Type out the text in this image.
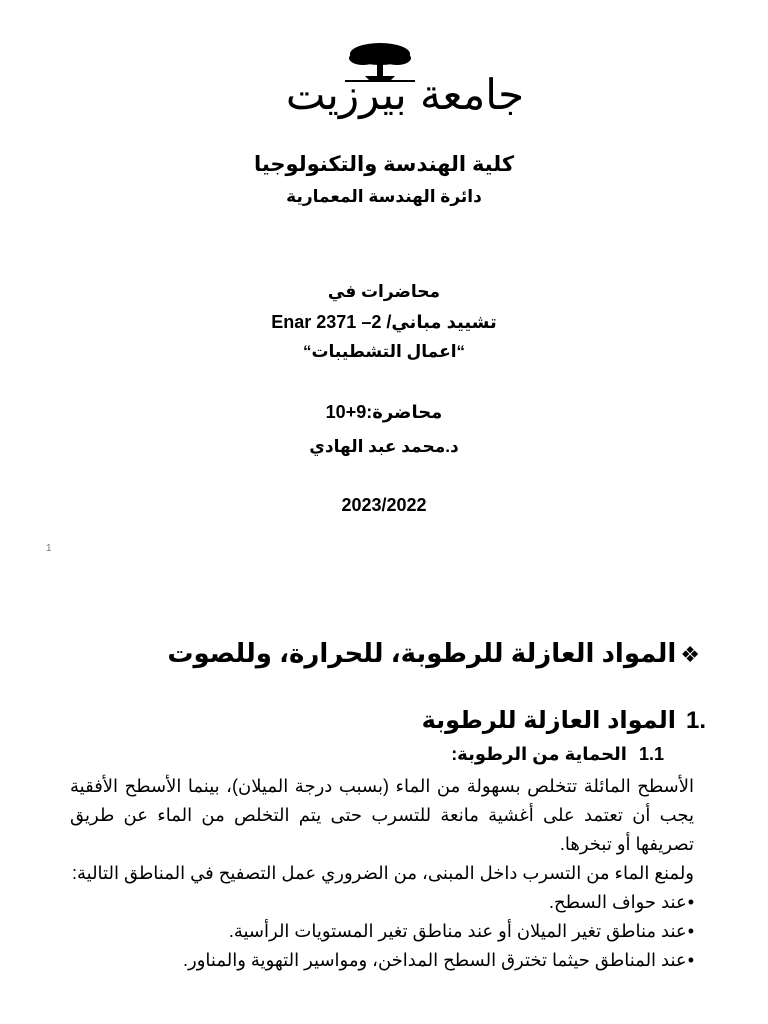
جامعة بيرزيت
كلية الهندسة والتكنولوجيا
دائرة الهندسة المعمارية
محاضرات في
تشييد مباني/ 2– Enar 2371
“اعمال التشطيبات“
محاضرة:9+10
د.محمد عبد الهادي
2023/2022
1
❖المواد العازلة للرطوبة، للحرارة، وللصوت
1.المواد العازلة للرطوبة
1.1الحماية من الرطوبة:

الأسطح المائلة تتخلص بسهولة من الماء (بسبب درجة الميلان)، بينما الأسطح الأفقية يجب أن تعتمد على أغشية مانعة للتسرب حتى يتم التخلص من الماء عن طريق تصريفها أو تبخرها.

ولمنع الماء من التسرب داخل المبنى، من الضروري عمل التصفيح في المناطق التالية:

•عند حواف السطح.

•عند مناطق تغير الميلان أو عند مناطق تغير المستويات الرأسية.

•عند المناطق حيثما تخترق السطح المداخن، ومواسير التهوية والمناور.
